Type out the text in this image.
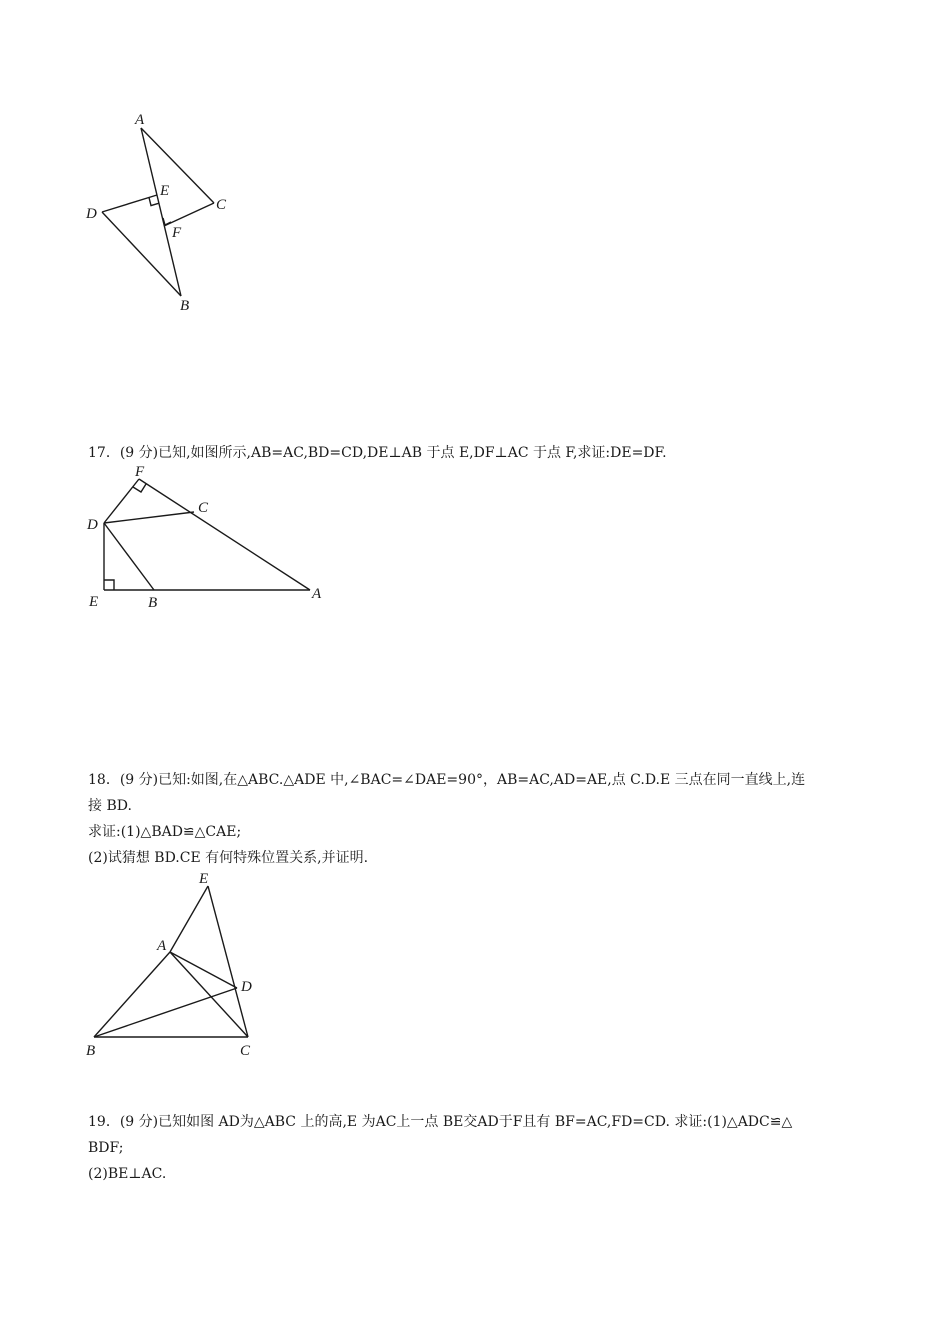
A
B
C
D
E
F

17．(9 分)已知,如图所示,AB=AC,BD=CD,DE⊥AB 于点 E,DF⊥AC 于点 F,求证:DE=DF.

F
C
D
E	B
A

18．(9 分)已知:如图,在△ABC.△ADE 中,∠BAC=∠DAE=90°，AB=AC,AD=AE,点 C.D.E 三点在同一直线上,连

接 BD.

求证:(1)△BAD≌△CAE;

(2)试猜想 BD.CE 有何特殊位置关系,并证明.

E
A
D
B	C

19．(9 分)已知如图 AD为△ABC 上的高,E 为AC上一点 BE交AD于F且有 BF=AC,FD=CD. 求证:(1)△ADC≌△

BDF;

(2)BE⊥AC.
